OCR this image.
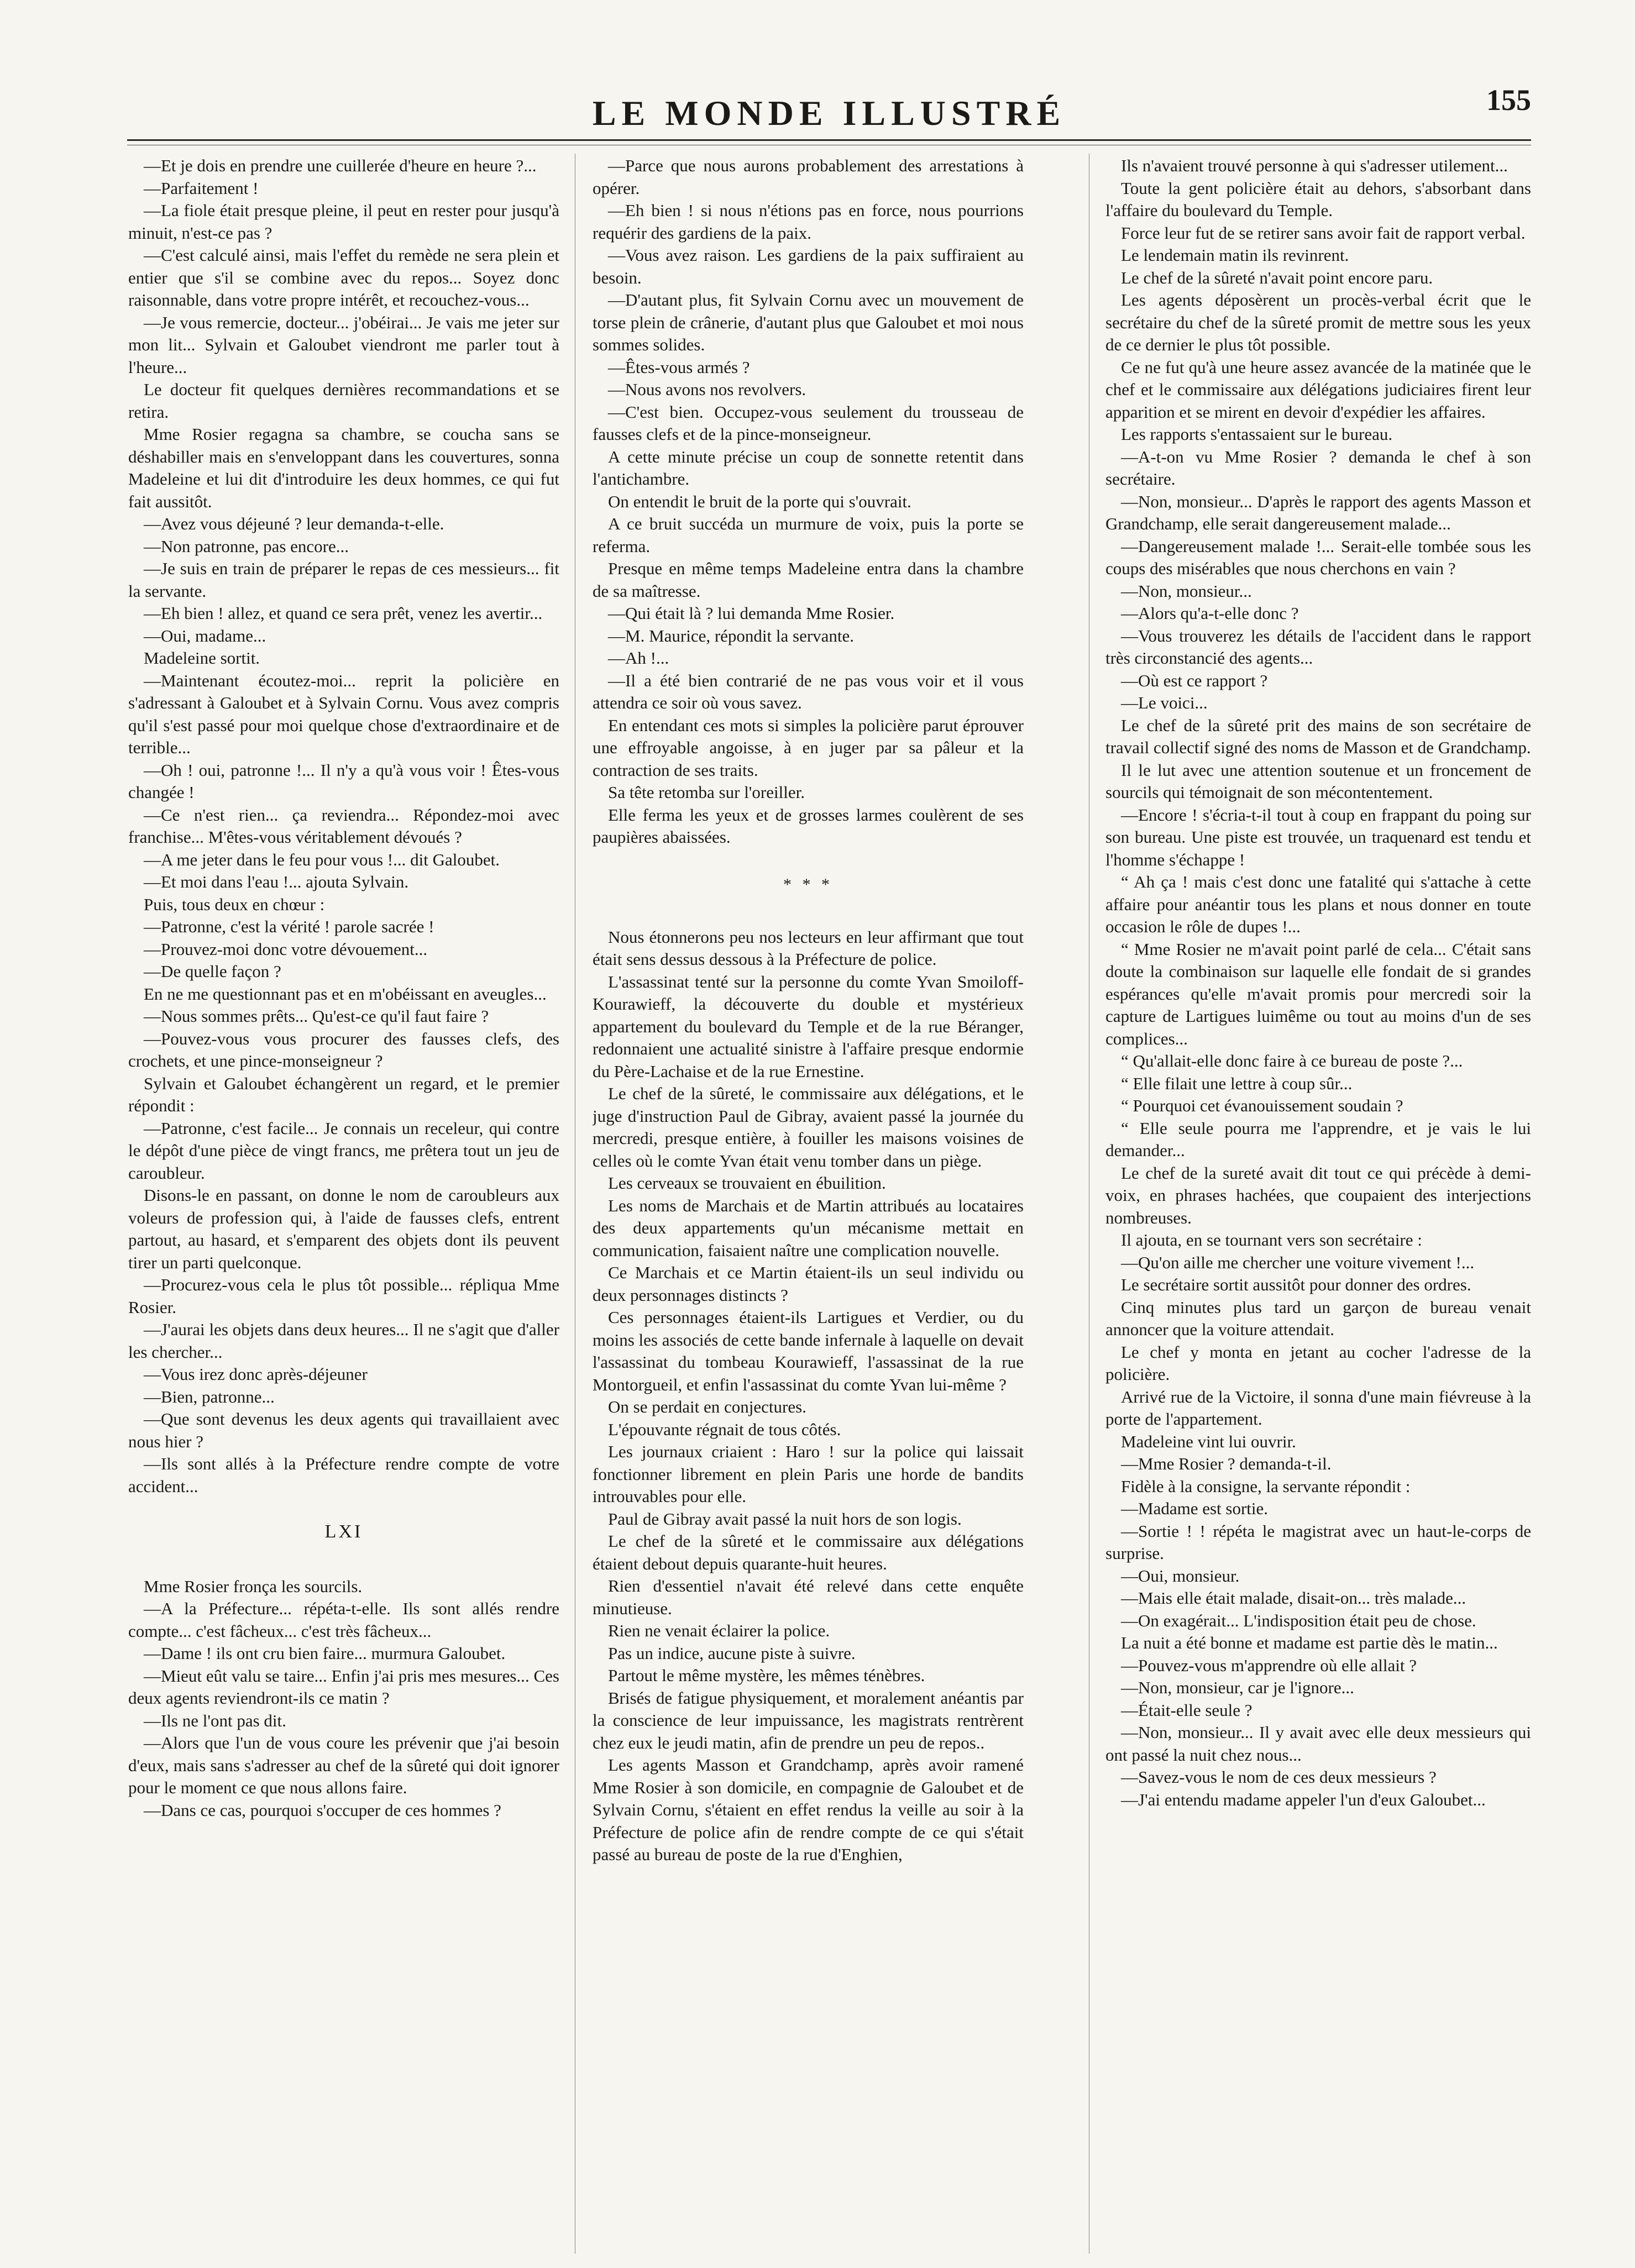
LE MONDE ILLUSTRÉ	155

—Et je dois en prendre une cuillerée d'heure en heure ?...

—Parfaitement !

—La fiole était presque pleine, il peut en rester pour jusqu'à minuit, n'est-ce pas ?

—C'est calculé ainsi, mais l'effet du remède ne sera plein et entier que s'il se combine avec du repos... Soyez donc raisonnable, dans votre propre intérêt, et recouchez-vous...

—Je vous remercie, docteur... j'obéirai... Je vais me jeter sur mon lit... Sylvain et Galoubet viendront me parler tout à l'heure...

Le docteur fit quelques dernières recommandations et se retira.

Mme Rosier regagna sa chambre, se coucha sans se déshabiller mais en s'enveloppant dans les couvertures, sonna Madeleine et lui dit d'introduire les deux hommes, ce qui fut fait aussitôt.

—Avez vous déjeuné ? leur demanda-t-elle.

—Non patronne, pas encore...

—Je suis en train de préparer le repas de ces messieurs... fit la servante.

—Eh bien ! allez, et quand ce sera prêt, venez les avertir...

—Oui, madame...

Madeleine sortit.

—Maintenant écoutez-moi... reprit la policière en s'adressant à Galoubet et à Sylvain Cornu. Vous avez compris qu'il s'est passé pour moi quelque chose d'extraordinaire et de terrible...

—Oh ! oui, patronne !... Il n'y a qu'à vous voir ! Êtes-vous changée !

—Ce n'est rien... ça reviendra... Répondez-moi avec franchise... M'êtes-vous véritablement dévoués ?

—A me jeter dans le feu pour vous !... dit Galoubet.

—Et moi dans l'eau !... ajouta Sylvain.

Puis, tous deux en chœur :

—Patronne, c'est la vérité ! parole sacrée !

—Prouvez-moi donc votre dévouement...

—De quelle façon ?

En ne me questionnant pas et en m'obéissant en aveugles...

—Nous sommes prêts... Qu'est-ce qu'il faut faire ?

—Pouvez-vous vous procurer des fausses clefs, des crochets, et une pince-monseigneur ?

Sylvain et Galoubet échangèrent un regard, et le premier répondit :

—Patronne, c'est facile... Je connais un receleur, qui contre le dépôt d'une pièce de vingt francs, me prêtera tout un jeu de caroubleur.

Disons-le en passant, on donne le nom de caroubleurs aux voleurs de profession qui, à l'aide de fausses clefs, entrent partout, au hasard, et s'emparent des objets dont ils peuvent tirer un parti quelconque.

—Procurez-vous cela le plus tôt possible... répliqua Mme Rosier.

—J'aurai les objets dans deux heures... Il ne s'agit que d'aller les chercher...

—Vous irez donc après-déjeuner

—Bien, patronne...

—Que sont devenus les deux agents qui travaillaient avec nous hier ?

—Ils sont allés à la Préfecture rendre compte de votre accident...

LXI

Mme Rosier fronça les sourcils.

—A la Préfecture... répéta-t-elle. Ils sont allés rendre compte... c'est fâcheux... c'est très fâcheux...

—Dame ! ils ont cru bien faire... murmura Galoubet.

—Mieut eût valu se taire... Enfin j'ai pris mes mesures... Ces deux agents reviendront-ils ce matin ?

—Ils ne l'ont pas dit.

—Alors que l'un de vous coure les prévenir que j'ai besoin d'eux, mais sans s'adresser au chef de la sûreté qui doit ignorer pour le moment ce que nous allons faire.

—Dans ce cas, pourquoi s'occuper de ces hommes ?

—Parce que nous aurons probablement des arrestations à opérer.

—Eh bien ! si nous n'étions pas en force, nous pourrions requérir des gardiens de la paix.

—Vous avez raison. Les gardiens de la paix suffiraient au besoin.

—D'autant plus, fit Sylvain Cornu avec un mouvement de torse plein de crânerie, d'autant plus que Galoubet et moi nous sommes solides.

—Êtes-vous armés ?

—Nous avons nos revolvers.

—C'est bien. Occupez-vous seulement du trousseau de fausses clefs et de la pince-monseigneur.

A cette minute précise un coup de sonnette retentit dans l'antichambre.

On entendit le bruit de la porte qui s'ouvrait.

A ce bruit succéda un murmure de voix, puis la porte se referma.

Presque en même temps Madeleine entra dans la chambre de sa maîtresse.

—Qui était là ? lui demanda Mme Rosier.

—M. Maurice, répondit la servante.

—Ah !...

—Il a été bien contrarié de ne pas vous voir et il vous attendra ce soir où vous savez.

En entendant ces mots si simples la policière parut éprouver une effroyable angoisse, à en juger par sa pâleur et la contraction de ses traits.

Sa tête retomba sur l'oreiller.

Elle ferma les yeux et de grosses larmes coulèrent de ses paupières abaissées.

* * *

Nous étonnerons peu nos lecteurs en leur affirmant que tout était sens dessus dessous à la Préfecture de police.

L'assassinat tenté sur la personne du comte Yvan Smoiloff-Kourawieff, la découverte du double et mystérieux appartement du boulevard du Temple et de la rue Béranger, redonnaient une actualité sinistre à l'affaire presque endormie du Père-Lachaise et de la rue Ernestine.

Le chef de la sûreté, le commissaire aux délégations, et le juge d'instruction Paul de Gibray, avaient passé la journée du mercredi, presque entière, à fouiller les maisons voisines de celles où le comte Yvan était venu tomber dans un piège.

Les cerveaux se trouvaient en ébuilition.

Les noms de Marchais et de Martin attribués au locataires des deux appartements qu'un mécanisme mettait en communication, faisaient naître une complication nouvelle.

Ce Marchais et ce Martin étaient-ils un seul individu ou deux personnages distincts ?

Ces personnages étaient-ils Lartigues et Verdier, ou du moins les associés de cette bande infernale à laquelle on devait l'assassinat du tombeau Kourawieff, l'assassinat de la rue Montorgueil, et enfin l'assassinat du comte Yvan lui-même ?

On se perdait en conjectures.

L'épouvante régnait de tous côtés.

Les journaux criaient : Haro ! sur la police qui laissait fonctionner librement en plein Paris une horde de bandits introuvables pour elle.

Paul de Gibray avait passé la nuit hors de son logis.

Le chef de la sûreté et le commissaire aux délégations étaient debout depuis quarante-huit heures.

Rien d'essentiel n'avait été relevé dans cette enquête minutieuse.

Rien ne venait éclairer la police.

Pas un indice, aucune piste à suivre.

Partout le même mystère, les mêmes ténèbres.

Brisés de fatigue physiquement, et moralement anéantis par la conscience de leur impuissance, les magistrats rentrèrent chez eux le jeudi matin, afin de prendre un peu de repos..

Les agents Masson et Grandchamp, après avoir ramené Mme Rosier à son domicile, en compagnie de Galoubet et de Sylvain Cornu, s'étaient en effet rendus la veille au soir à la Préfecture de police afin de rendre compte de ce qui s'était passé au bureau de poste de la rue d'Enghien,

Ils n'avaient trouvé personne à qui s'adresser utilement...

Toute la gent policière était au dehors, s'absorbant dans l'affaire du boulevard du Temple.

Force leur fut de se retirer sans avoir fait de rapport verbal.

Le lendemain matin ils revinrent.

Le chef de la sûreté n'avait point encore paru.

Les agents déposèrent un procès-verbal écrit que le secrétaire du chef de la sûreté promit de mettre sous les yeux de ce dernier le plus tôt possible.

Ce ne fut qu'à une heure assez avancée de la matinée que le chef et le commissaire aux délégations judiciaires firent leur apparition et se mirent en devoir d'expédier les affaires.

Les rapports s'entassaient sur le bureau.

—A-t-on vu Mme Rosier ? demanda le chef à son secrétaire.

—Non, monsieur... D'après le rapport des agents Masson et Grandchamp, elle serait dangereusement malade...

—Dangereusement malade !... Serait-elle tombée sous les coups des misérables que nous cherchons en vain ?

—Non, monsieur...

—Alors qu'a-t-elle donc ?

—Vous trouverez les détails de l'accident dans le rapport très circonstancié des agents...

—Où est ce rapport ?

—Le voici...

Le chef de la sûreté prit des mains de son secrétaire de travail collectif signé des noms de Masson et de Grandchamp.

Il le lut avec une attention soutenue et un froncement de sourcils qui témoignait de son mécontentement.

—Encore ! s'écria-t-il tout à coup en frappant du poing sur son bureau. Une piste est trouvée, un traquenard est tendu et l'homme s'échappe !

“ Ah ça ! mais c'est donc une fatalité qui s'attache à cette affaire pour anéantir tous les plans et nous donner en toute occasion le rôle de dupes !...

“ Mme Rosier ne m'avait point parlé de cela... C'était sans doute la combinaison sur laquelle elle fondait de si grandes espérances qu'elle m'avait promis pour mercredi soir la capture de Lartigues luimême ou tout au moins d'un de ses complices...

“ Qu'allait-elle donc faire à ce bureau de poste ?...

“ Elle filait une lettre à coup sûr...

“ Pourquoi cet évanouissement soudain ?

“ Elle seule pourra me l'apprendre, et je vais le lui demander...

Le chef de la sureté avait dit tout ce qui précède à demi-voix, en phrases hachées, que coupaient des interjections nombreuses.

Il ajouta, en se tournant vers son secrétaire :

—Qu'on aille me chercher une voiture vivement !...

Le secrétaire sortit aussitôt pour donner des ordres.

Cinq minutes plus tard un garçon de bureau venait annoncer que la voiture attendait.

Le chef y monta en jetant au cocher l'adresse de la policière.

Arrivé rue de la Victoire, il sonna d'une main fiévreuse à la porte de l'appartement.

Madeleine vint lui ouvrir.

—Mme Rosier ? demanda-t-il.

Fidèle à la consigne, la servante répondit :

—Madame est sortie.

—Sortie ! ! répéta le magistrat avec un haut-le-corps de surprise.

—Oui, monsieur.

—Mais elle était malade, disait-on... très malade...

—On exagérait... L'indisposition était peu de chose.

La nuit a été bonne et madame est partie dès le matin...

—Pouvez-vous m'apprendre où elle allait ?

—Non, monsieur, car je l'ignore...

—Était-elle seule ?

—Non, monsieur... Il y avait avec elle deux messieurs qui ont passé la nuit chez nous...

—Savez-vous le nom de ces deux messieurs ?

—J'ai entendu madame appeler l'un d'eux Galoubet...
